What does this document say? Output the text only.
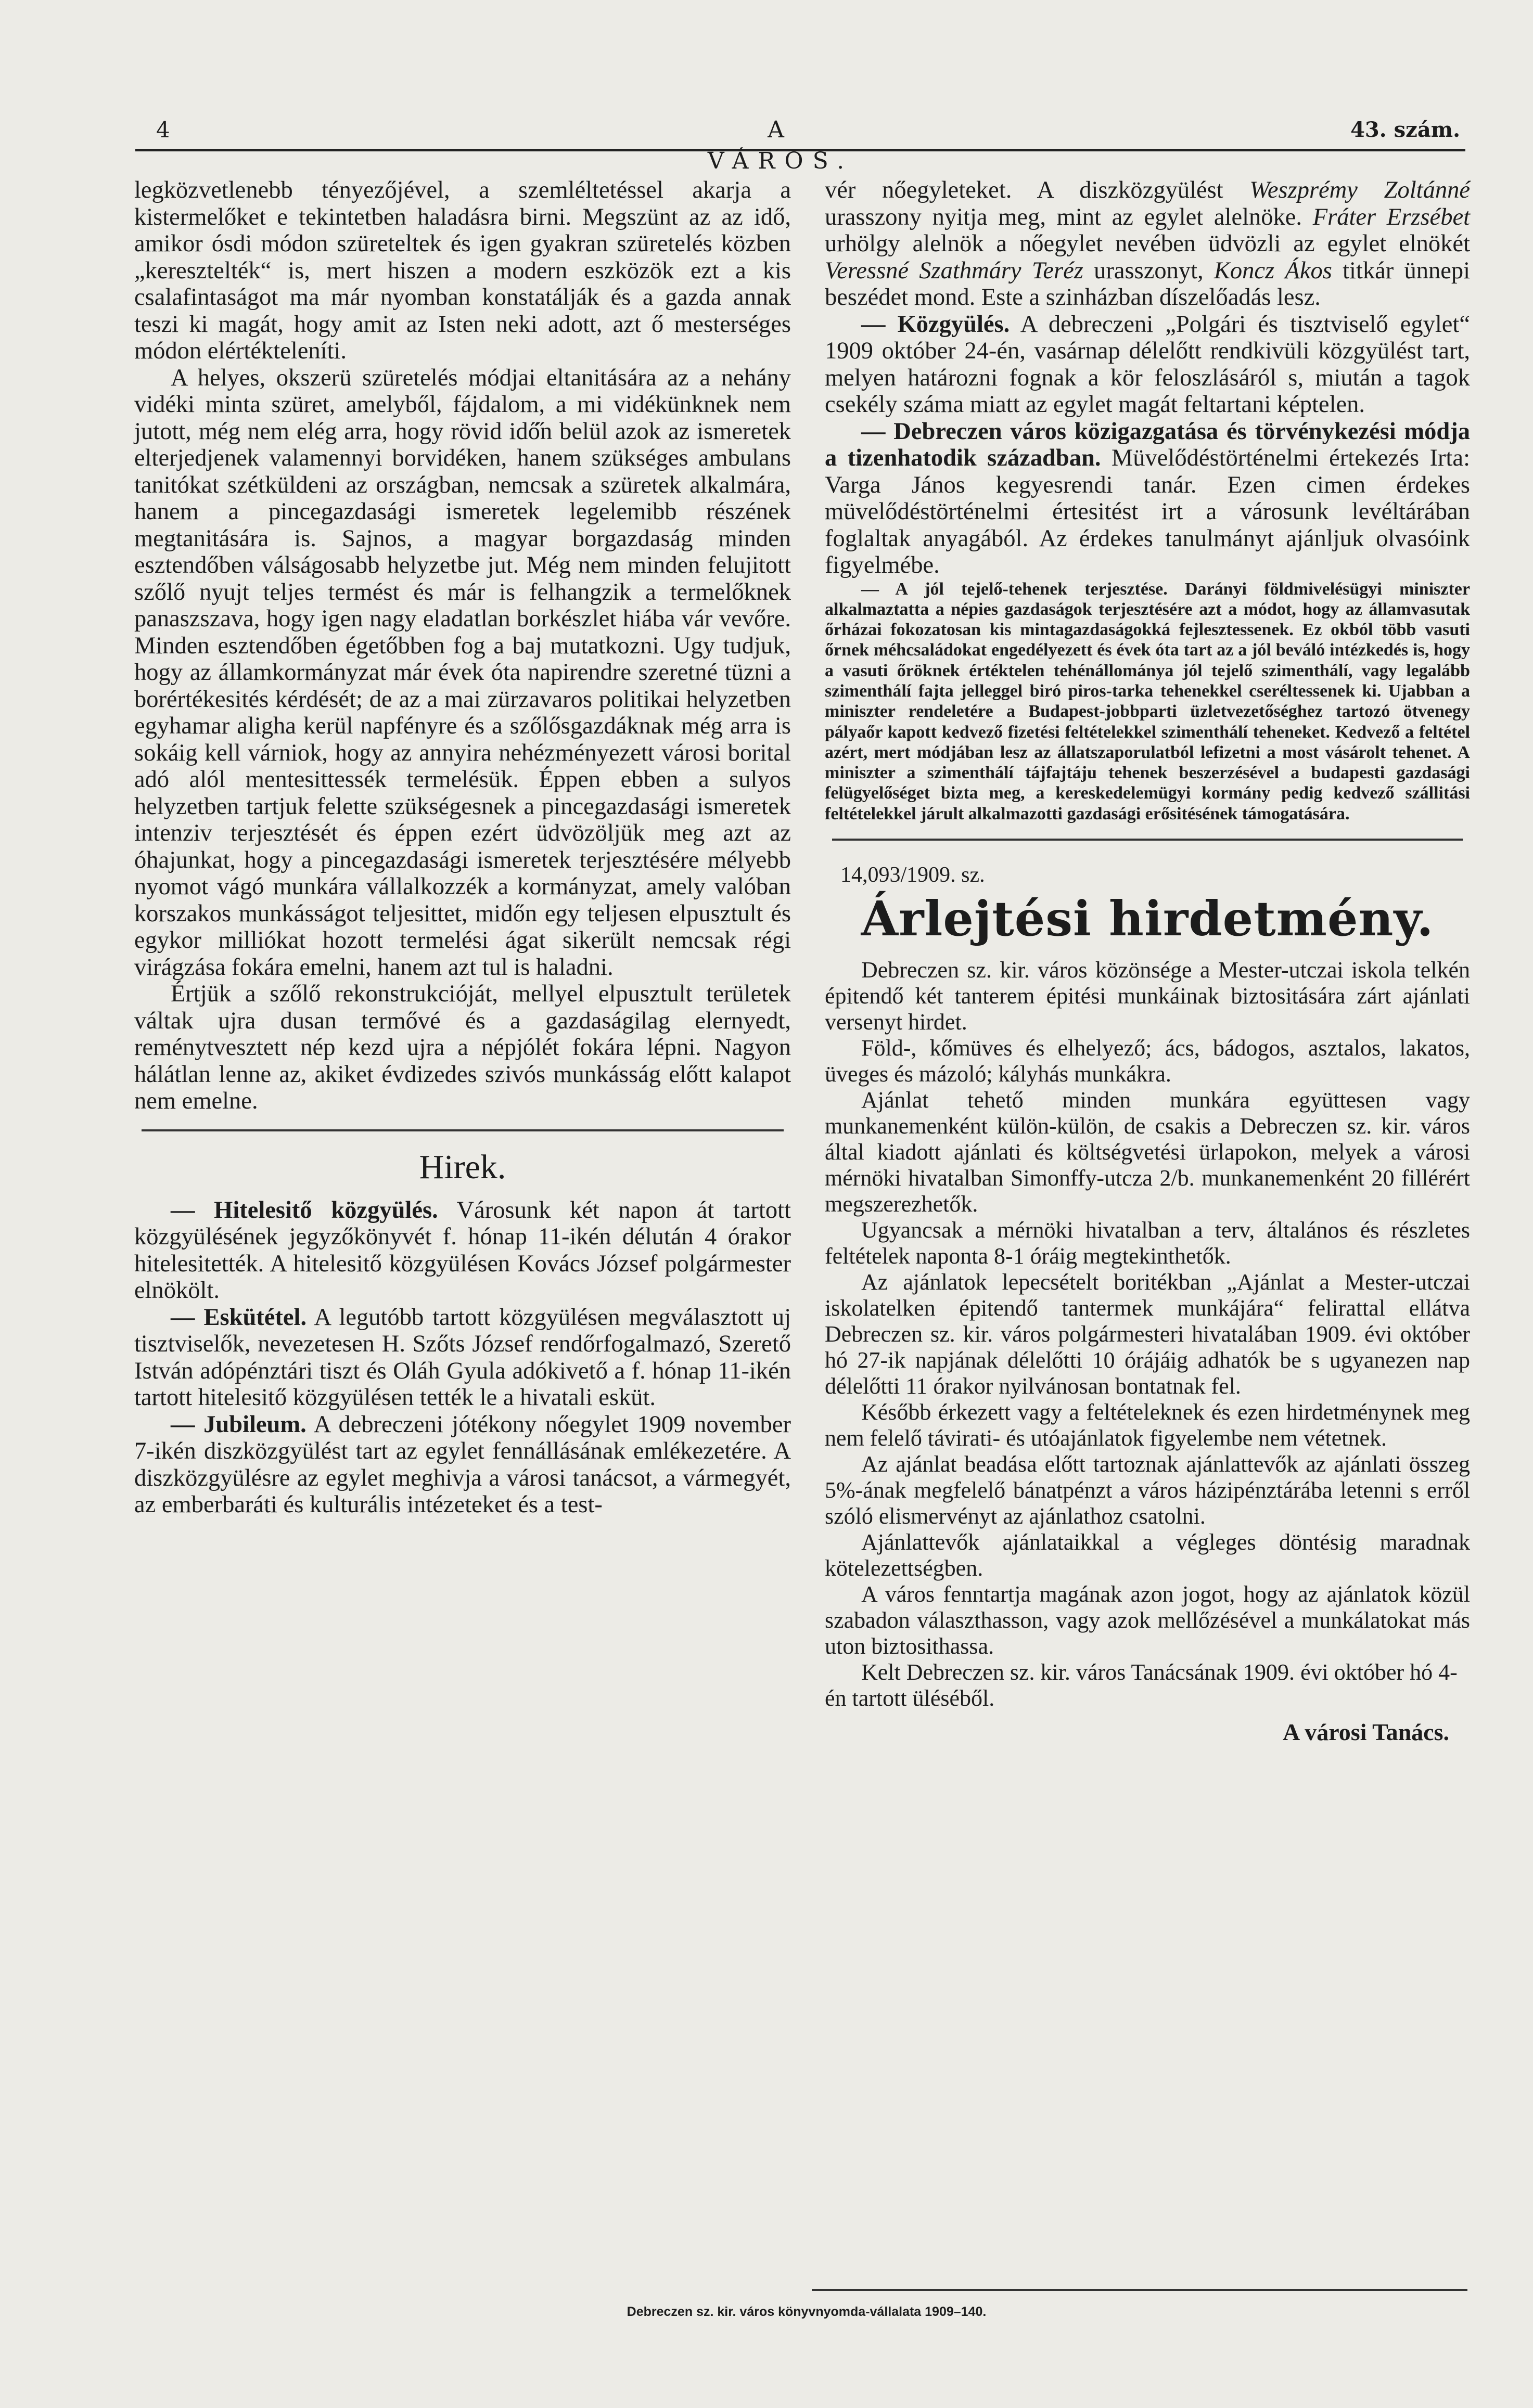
4	A VÁROS.
43. szám.

legközvetlenebb tényezőjével, a szemléltetéssel akarja a kistermelőket e tekintetben haladásra birni. Megszünt az az idő, amikor ósdi módon szüreteltek és igen gyakran szüretelés közben „keresztelték“ is, mert hiszen a modern eszközök ezt a kis csalafintaságot ma már nyomban konstatálják és a gazda annak teszi ki magát, hogy amit az Isten neki adott, azt ő mesterséges módon elértékteleníti.

A helyes, okszerü szüretelés módjai eltanitására az a nehány vidéki minta szüret, amelyből, fájdalom, a mi vidékünknek nem jutott, még nem elég arra, hogy rövid idő̋n belül azok az ismeretek elterjedjenek valamennyi borvidéken, hanem szükséges ambulans tanitókat szétküldeni az országban, nemcsak a szüretek alkalmára, hanem a pincegazdasági ismeretek legelemibb részének megtanitására is. Sajnos, a magyar borgazdaság minden esztendőben válságosabb helyzetbe jut. Még nem minden felujitott szőlő nyujt teljes termést és már is felhangzik a termelőknek panaszszava, hogy igen nagy eladatlan borkészlet hiába vár vevőre. Minden esztendőben égetőbben fog a baj mutatkozni. Ugy tudjuk, hogy az államkormányzat már évek óta napirendre szeretné tüzni a borértékesités kérdését; de az a mai zürzavaros politikai helyzetben egyhamar aligha kerül napfényre és a szőlősgazdáknak még arra is sokáig kell várniok, hogy az annyira nehézményezett városi borital adó alól mentesittessék termelésük. Éppen ebben a sulyos helyzetben tartjuk felette szükségesnek a pincegazdasági ismeretek intenziv terjesztését és éppen ezért üdvözöljük meg azt az óhajunkat, hogy a pincegazdasági ismeretek terjesztésére mélyebb nyomot vágó munkára vállalkozzék a kormányzat, amely valóban korszakos munkásságot teljesittet, midőn egy teljesen elpusztult és egykor milliókat hozott termelési ágat sikerült nemcsak régi virágzása fokára emelni, hanem azt tul is haladni.

Értjük a szőlő rekonstrukcióját, mellyel elpusztult területek váltak ujra dusan termővé és a gazdaságilag elernyedt, reménytvesztett nép kezd ujra a népjólét fokára lépni. Nagyon hálátlan lenne az, akiket évdizedes szivós munkásság előtt kalapot nem emelne.

Hirek.

— Hitelesitő közgyülés. Városunk két napon át tartott közgyülésének jegyzőkönyvét f. hónap 11-ikén délután 4 órakor hitelesitették. A hitelesitő közgyülésen Kovács József polgármester elnökölt.

— Eskütétel. A legutóbb tartott közgyülésen megválasztott uj tisztviselők, nevezetesen H. Szőts József rendőrfogalmazó, Szerető István adópénztári tiszt és Oláh Gyula adókivető a f. hónap 11-ikén tartott hitelesitő közgyülésen tették le a hivatali esküt.

— Jubileum. A debreczeni jótékony nőegylet 1909 november 7-ikén diszközgyülést tart az egylet fennállásának emlékezetére. A diszközgyülésre az egylet meghivja a városi tanácsot, a vármegyét, az emberbaráti és kulturális intézeteket és a test-

vér nőegyleteket. A diszközgyülést Weszprémy Zoltánné urasszony nyitja meg, mint az egylet alelnöke. Fráter Erzsébet urhölgy alelnök a nőegylet nevében üdvözli az egylet elnökét Veressné Szathmáry Teréz urasszonyt, Koncz Ákos titkár ünnepi beszédet mond. Este a szinházban díszelőadás lesz.

— Közgyülés. A debreczeni „Polgári és tisztviselő egylet“ 1909 október 24-én, vasárnap délelőtt rendkivüli közgyülést tart, melyen határozni fognak a kör feloszlásáról s, miután a tagok csekély száma miatt az egylet magát feltartani képtelen.

— Debreczen város közigazgatása és törvénykezési módja a tizenhatodik században. Müvelődéstörténelmi értekezés Irta: Varga János kegyesrendi tanár. Ezen cimen érdekes müvelődéstörténelmi értesitést irt a városunk levéltárában foglaltak anyagából. Az érdekes tanulmányt ajánljuk olvasóink figyelmébe.

— A jól tejelő-tehenek terjesztése. Darányi földmivelésügyi miniszter alkalmaztatta a népies gazdaságok terjesztésére azt a módot, hogy az államvasutak őrházai fokozatosan kis mintagazdaságokká fejlesztessenek. Ez okból több vasuti őrnek méhcsaládokat engedélyezett és évek óta tart az a jól beváló intézkedés is, hogy a vasuti őröknek értéktelen tehénállománya jól tejelő szimenthálí, vagy legalább szimenthálí fajta jelleggel biró piros-tarka tehenekkel cseréltessenek ki. Ujabban a miniszter rendeletére a Budapest-jobbparti üzletvezetőséghez tartozó ötvenegy pályaőr kapott kedvező fizetési feltételekkel szimenthálí teheneket. Kedvező a feltétel azért, mert módjában lesz az állatszaporulatból lefizetni a most vásárolt tehenet. A miniszter a szimenthálí tájfajtáju tehenek beszerzésével a budapesti gazdasági felügyelőséget bizta meg, a kereskedelemügyi kormány pedig kedvező szállitási feltételekkel járult alkalmazotti gazdasági erősitésének támogatására.

14,093/1909. sz.
Árlejtési hirdetmény.

Debreczen sz. kir. város közönsége a Mester-utczai iskola telkén épitendő két tanterem épitési munkáinak biztositására zárt ajánlati versenyt hirdet.

Föld-, kőmüves és elhelyező; ács, bádogos, asztalos, lakatos, üveges és mázoló; kályhás munkákra.

Ajánlat tehető minden munkára együttesen vagy munkanemenként külön-külön, de csakis a Debreczen sz. kir. város által kiadott ajánlati és költségvetési ürlapokon, melyek a városi mérnöki hivatalban Simonffy-utcza 2/b. munkanemenként 20 fillérért megszerezhetők.

Ugyancsak a mérnöki hivatalban a terv, általános és részletes feltételek naponta 8-1 óráig megtekinthetők.

Az ajánlatok lepecsételt boritékban „Ajánlat a Mester-utczai iskolatelken épitendő tantermek munkájára“ felirattal ellátva Debreczen sz. kir. város polgármesteri hivatalában 1909. évi október hó 27-ik napjának délelőtti 10 órájáig adhatók be s ugyanezen nap délelőtti 11 órakor nyilvánosan bontatnak fel.

Később érkezett vagy a feltételeknek és ezen hirdetménynek meg nem felelő távirati- és utóajánlatok figyelembe nem vétetnek.

Az ajánlat beadása előtt tartoznak ajánlattevők az ajánlati összeg 5%-ának megfelelő bánatpénzt a város házipénztárába letenni s erről szóló elismervényt az ajánlathoz csatolni.

Ajánlattevők ajánlataikkal a végleges döntésig maradnak kötelezettségben.

A város fenntartja magának azon jogot, hogy az ajánlatok közül szabadon választhasson, vagy azok mellőzésével a munkálatokat más uton biztosithassa.

Kelt Debreczen sz. kir. város Tanácsának 1909. évi október hó 4-én tartott üléséből.

A városi Tanács.
Debreczen sz. kir. város könyvnyomda-vállalata 1909–140.
